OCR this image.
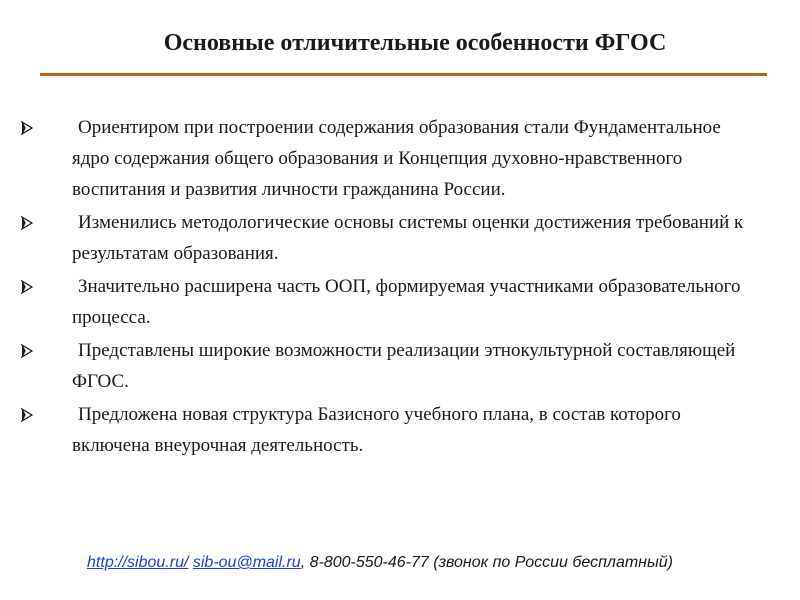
Основные отличительные особенности ФГОС
Ориентиром при построении содержания образования стали Фундаментальное ядро содержания общего образования и Концепция духовно-нравственного воспитания и развития личности гражданина России.
Изменились методологические основы системы оценки достижения требований к результатам образования.
Значительно расширена часть ООП, формируемая участниками образовательного процесса.
Представлены широкие возможности реализации этнокультурной составляющей ФГОС.
Предложена новая структура Базисного учебного плана, в состав которого включена внеурочная деятельность.
http://sibou.ru/ sib-ou@mail.ru, 8-800-550-46-77 (звонок по России бесплатный)
